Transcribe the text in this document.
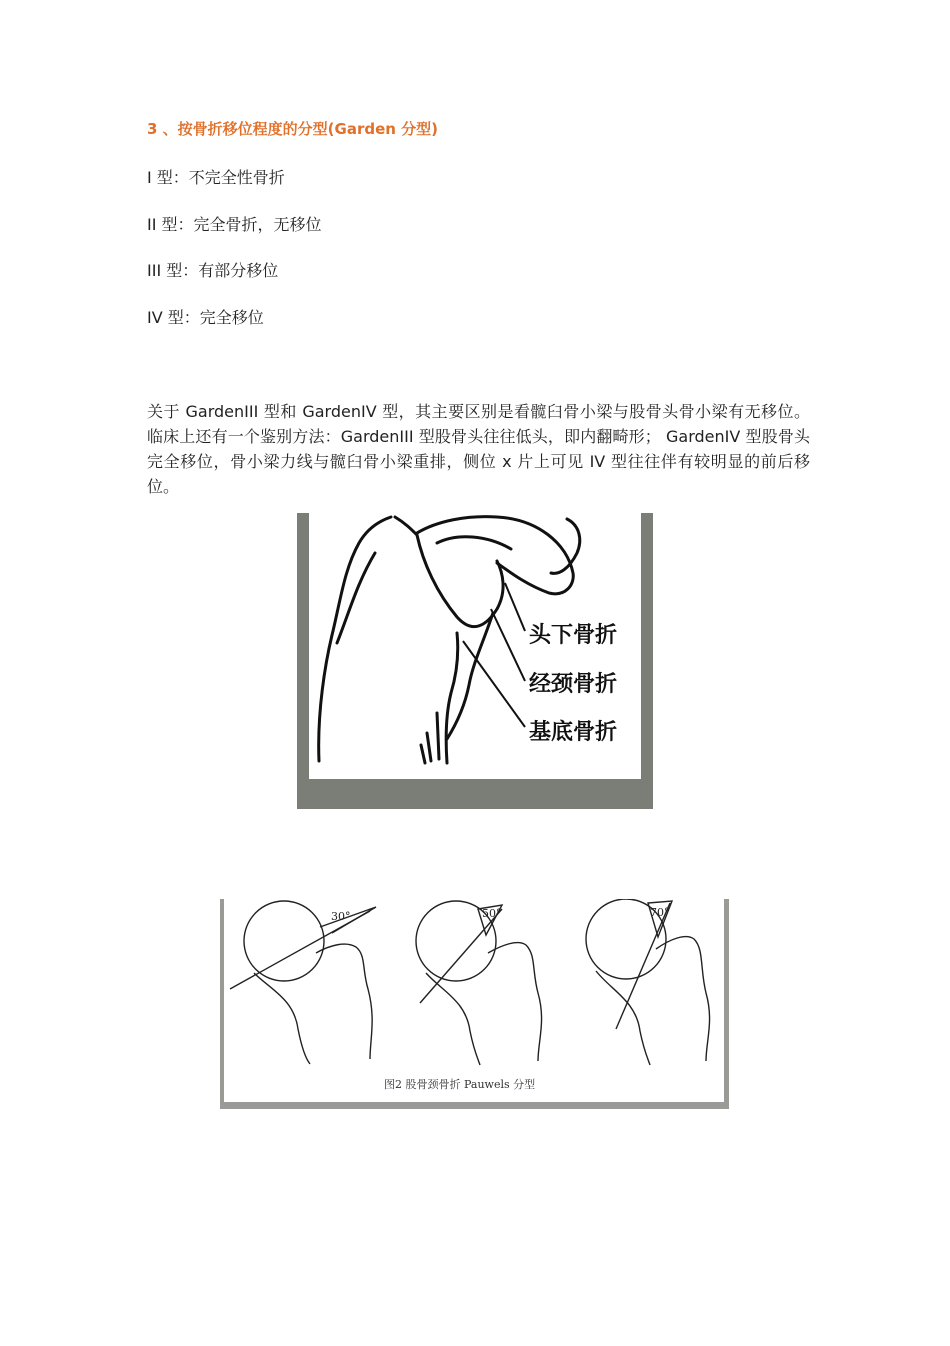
3 、按骨折移位程度的分型(Garden 分型)

I 型：不完全性骨折

II 型：完全骨折，无移位

III 型：有部分移位

IV 型：完全移位

关于 GardenIII 型和 GardenIV 型，其主要区别是看髋臼骨小梁与股骨头骨小梁有无移位。临床上还有一个鉴别方法：GardenIII 型股骨头往往低头，即内翻畸形； GardenIV 型股骨头完全移位，骨小梁力线与髋臼骨小梁重排，侧位 x 片上可见 IV 型往往伴有较明显的前后移位。

头下骨折
经颈骨折
基底骨折
30°	50°	70°
图2 股骨颈骨折 Pauwels 分型
